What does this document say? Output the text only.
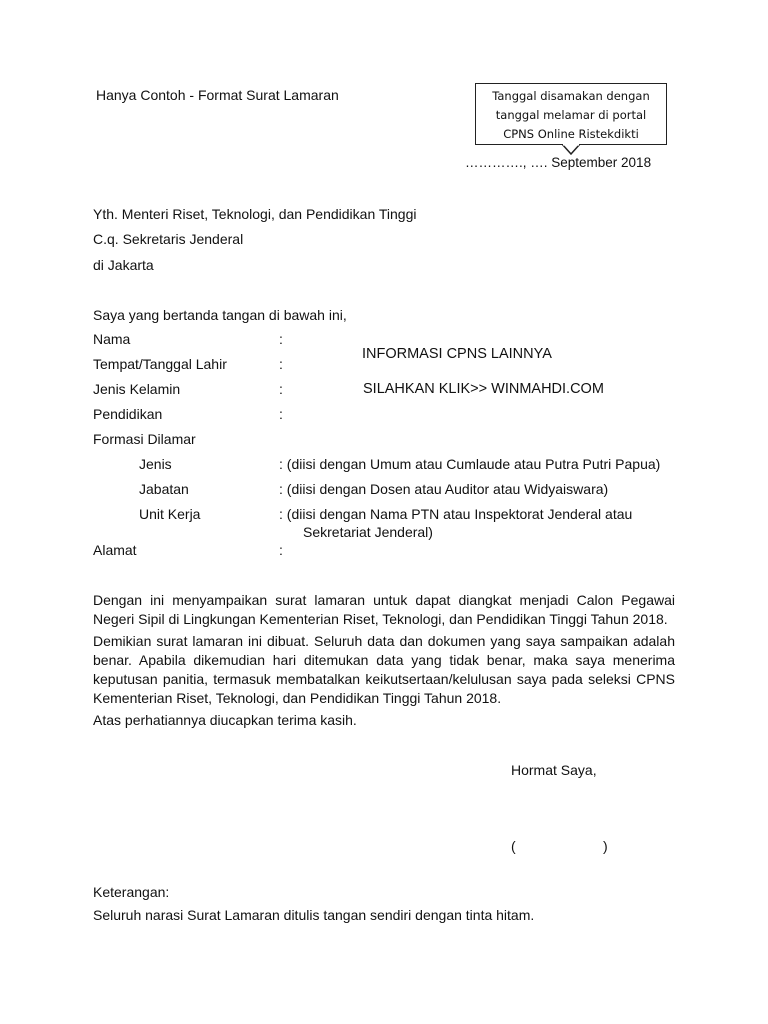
Hanya Contoh - Format Surat Lamaran	Tanggal disamakan dengan
tanggal melamar di portal
CPNS Online Ristekdikti
…………., …. September 2018
Yth. Menteri Riset, Teknologi, dan Pendidikan Tinggi
C.q. Sekretaris Jenderal
di Jakarta
Saya yang bertanda tangan di bawah ini,
Nama	:
Tempat/Tanggal Lahir	:
Jenis Kelamin	:
Pendidikan	:
Formasi Dilamar
INFORMASI CPNS LAINNYA
SILAHKAN KLIK>> WINMAHDI.COM
Jenis	: (diisi dengan Umum atau Cumlaude atau Putra Putri Papua)
Jabatan	: (diisi dengan Dosen atau Auditor atau Widyaiswara)
Unit Kerja	: (diisi dengan Nama PTN atau Inspektorat Jenderal atau
Sekretariat Jenderal)
Alamat	:
Dengan ini menyampaikan surat lamaran untuk dapat diangkat menjadi Calon Pegawai Negeri Sipil di Lingkungan Kementerian Riset, Teknologi, dan Pendidikan Tinggi Tahun 2018.
Demikian surat lamaran ini dibuat. Seluruh data dan dokumen yang saya sampaikan adalah benar. Apabila dikemudian hari ditemukan data yang tidak benar, maka saya menerima keputusan panitia, termasuk membatalkan keikutsertaan/kelulusan saya pada seleksi CPNS Kementerian Riset, Teknologi, dan Pendidikan Tinggi Tahun 2018.
Atas perhatiannya diucapkan terima kasih.
Hormat Saya,
(	)
Keterangan:
Seluruh narasi Surat Lamaran ditulis tangan sendiri dengan tinta hitam.
